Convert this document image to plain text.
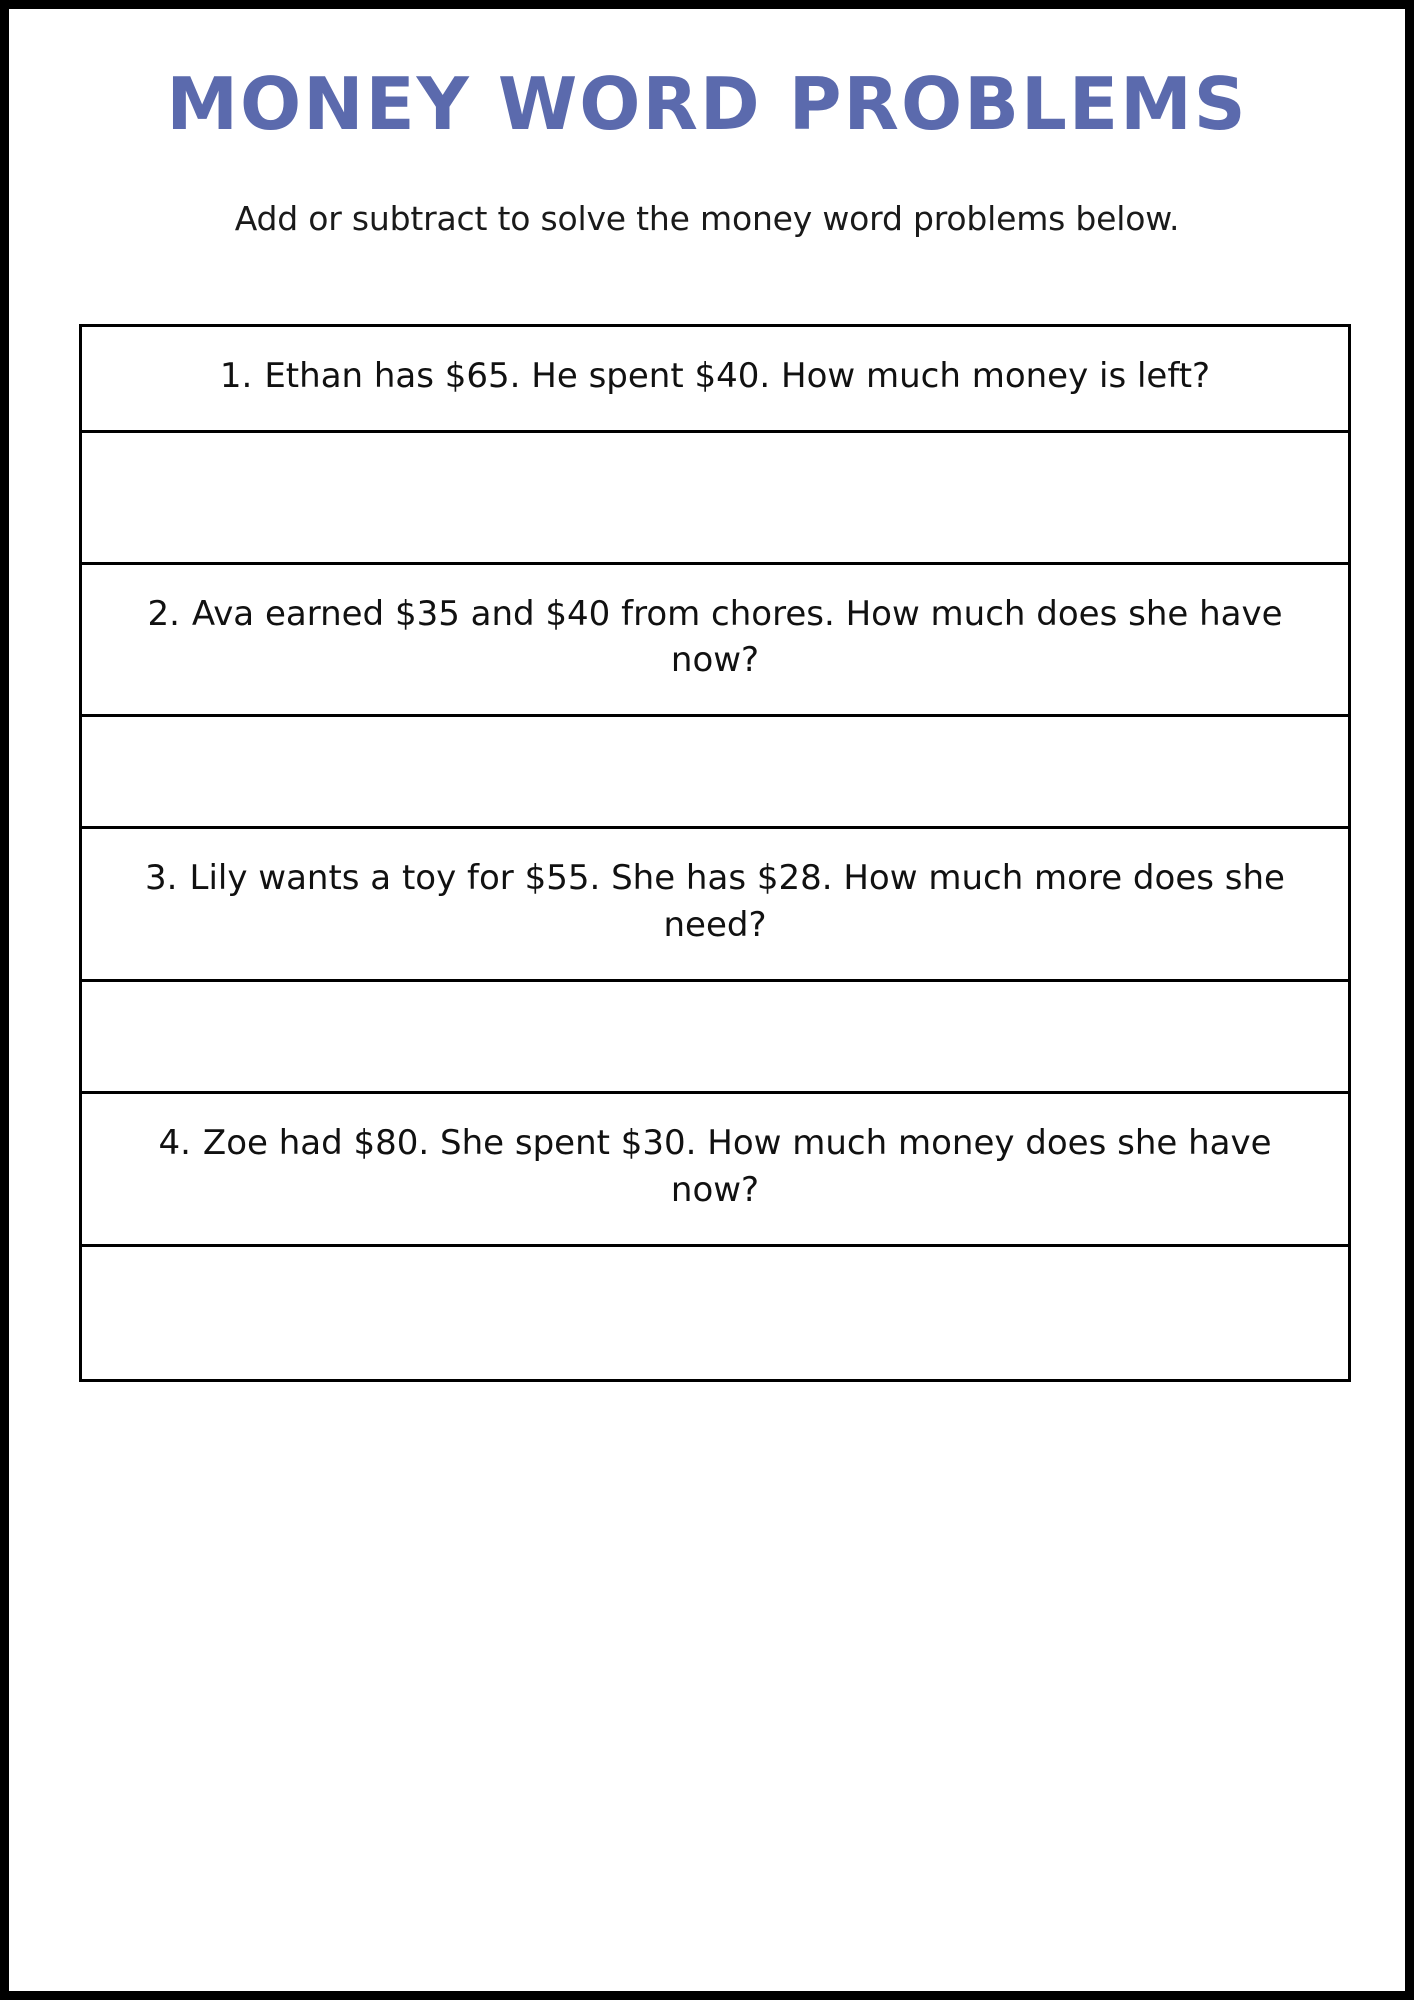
MONEY WORD PROBLEMS
Add or subtract to solve the money word problems below.
1. Ethan has $65. He spent $40. How much money is left?
2. Ava earned $35 and $40 from chores. How much does she have now?
3. Lily wants a toy for $55. She has $28. How much more does she need?
4. Zoe had $80. She spent $30. How much money does she have now?
